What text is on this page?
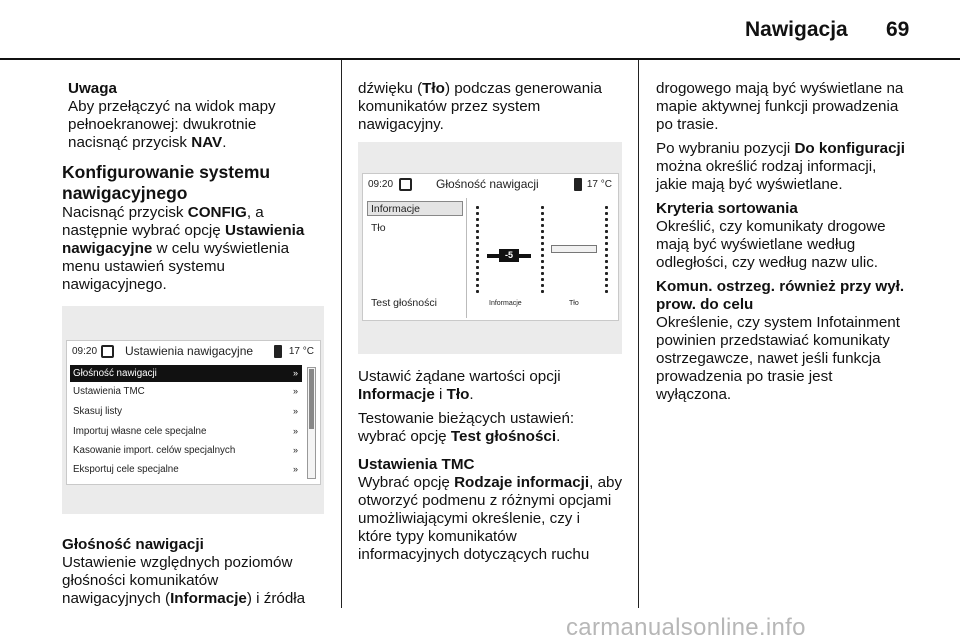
Nawigacja 69

Uwaga

Aby przełączyć na widok mapy

pełnoekranowej: dwukrotnie

nacisnąć przycisk NAV.

Konfigurowanie systemu

nawigacyjnego

Nacisnąć przycisk CONFIG, a

następnie wybrać opcję Ustawienia

nawigacyjne w celu wyświetlenia

menu ustawień systemu

nawigacyjnego.

09:20 Ustawienia nawigacyjne	17 °C
Głośność nawigacji	»
Ustawienia TMC	»
Skasuj listy	»
Importuj własne cele specjalne	»
Kasowanie import. celów specjalnych	»
Eksportuj cele specjalne	»

Głośność nawigacji

Ustawienie względnych poziomów

głośności komunikatów

nawigacyjnych (Informacje) i źródła

dźwięku (Tło) podczas generowania

komunikatów przez system

nawigacyjny.

09:20	Głośność nawigacji	17 °C
Informacje
Tło
Test głośności
-5
Informacje	Tło

Ustawić żądane wartości opcji

Informacje i Tło.

Testowanie bieżących ustawień:

wybrać opcję Test głośności.

Ustawienia TMC

Wybrać opcję Rodzaje informacji, aby

otworzyć podmenu z różnymi opcjami

umożliwiającymi określenie, czy i

które typy komunikatów

informacyjnych dotyczących ruchu

drogowego mają być wyświetlane na

mapie aktywnej funkcji prowadzenia

po trasie.

Po wybraniu pozycji Do konfiguracji

można określić rodzaj informacji,

jakie mają być wyświetlane.

Kryteria sortowania

Określić, czy komunikaty drogowe

mają być wyświetlane według

odległości, czy według nazw ulic.

Komun. ostrzeg. również przy wył.

prow. do celu

Określenie, czy system Infotainment

powinien przedstawiać komunikaty

ostrzegawcze, nawet jeśli funkcja

prowadzenia po trasie jest

wyłączona.

carmanualsonline.info
